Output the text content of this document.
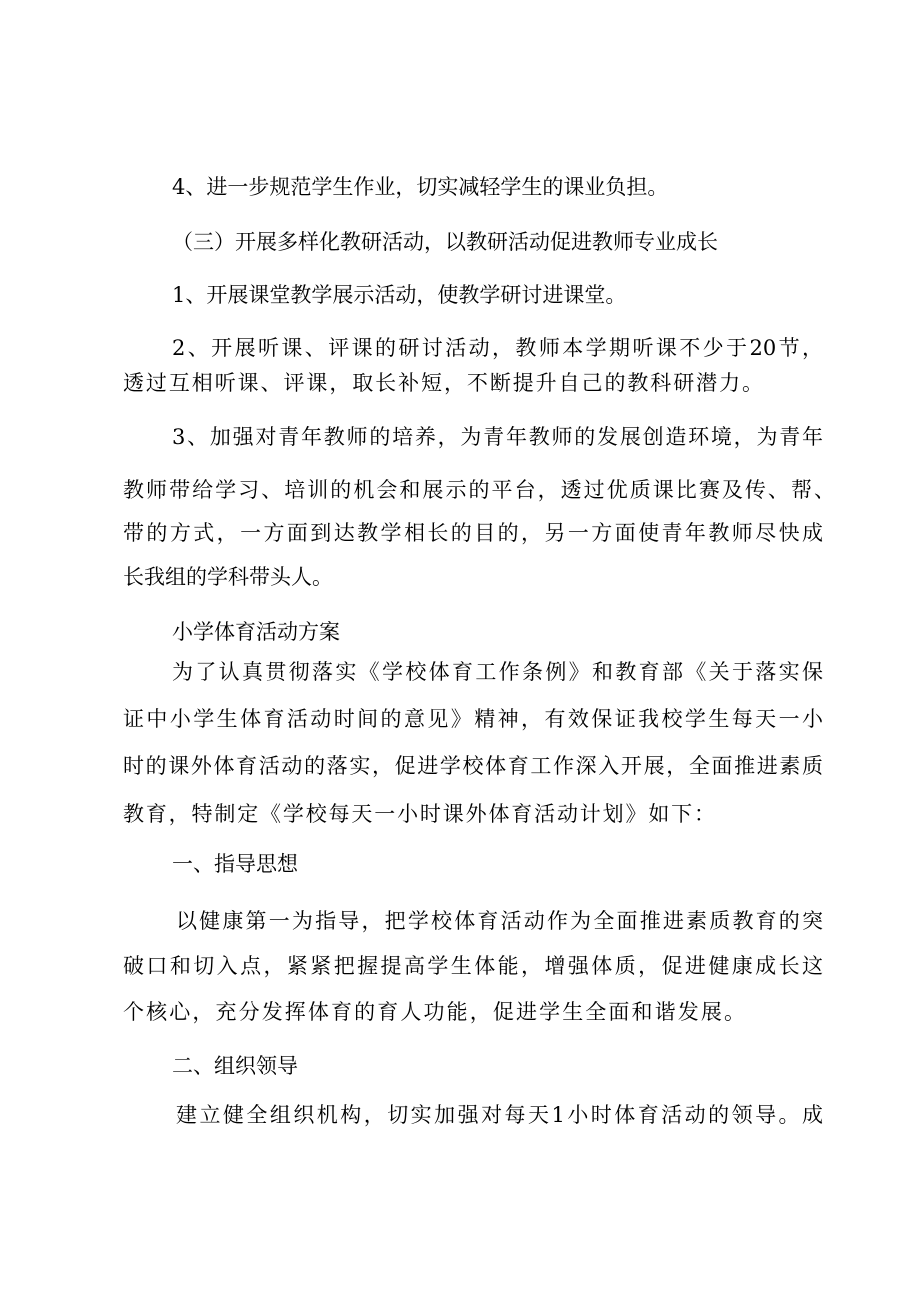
4、进一步规范学生作业，切实减轻学生的课业负担。
（三）开展多样化教研活动，以教研活动促进教师专业成长
1、开展课堂教学展示活动，使教学研讨进课堂。
2、开展听课、评课的研讨活动，教师本学期听课不少于20节，
透过互相听课、评课，取长补短，不断提升自己的教科研潜力。
3、加强对青年教师的培养，为青年教师的发展创造环境，为青年
教师带给学习、培训的机会和展示的平台，透过优质课比赛及传、帮、
带的方式，一方面到达教学相长的目的，另一方面使青年教师尽快成
长我组的学科带头人。
小学体育活动方案
为了认真贯彻落实《学校体育工作条例》和教育部《关于落实保
证中小学生体育活动时间的意见》精神，有效保证我校学生每天一小
时的课外体育活动的落实，促进学校体育工作深入开展，全面推进素质
教育，特制定《学校每天一小时课外体育活动计划》如下：
一、指导思想
以健康第一为指导，把学校体育活动作为全面推进素质教育的突
破口和切入点，紧紧把握提高学生体能，增强体质，促进健康成长这
个核心，充分发挥体育的育人功能，促进学生全面和谐发展。
二、组织领导
建立健全组织机构，切实加强对每天1小时体育活动的领导。成
